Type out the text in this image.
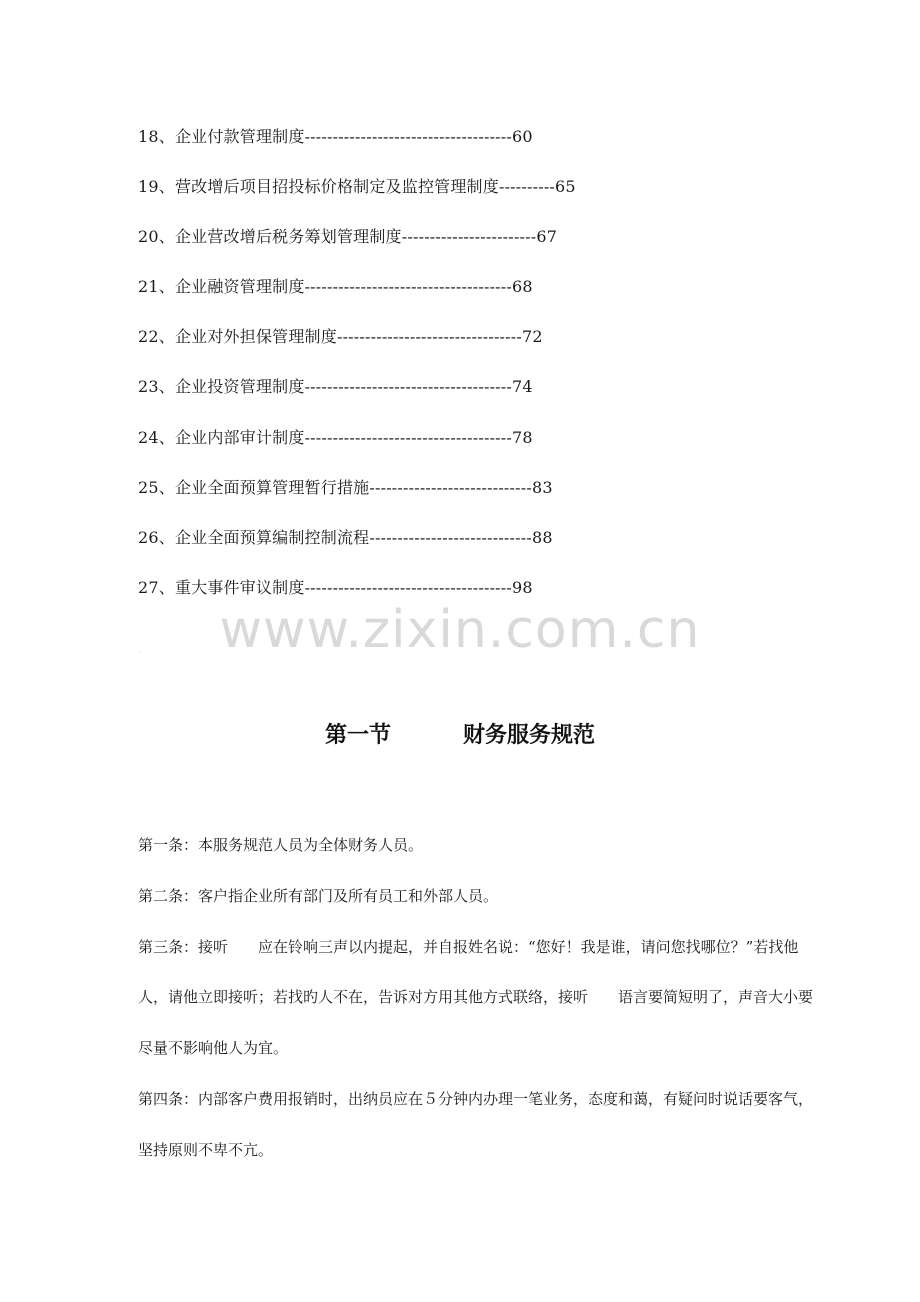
18、企业付款管理制度-------------------------------------60
19、营改增后项目招投标价格制定及监控管理制度----------65
20、企业营改增后税务筹划管理制度------------------------67
21、企业融资管理制度-------------------------------------68
22、企业对外担保管理制度---------------------------------72
23、企业投资管理制度-------------------------------------74
24、企业内部审计制度-------------------------------------78
25、企业全面预算管理暂行措施-----------------------------83
26、企业全面预算编制控制流程-----------------------------88
27、重大事件审议制度-------------------------------------98
www.zixin.com.cn
.
第一节	财务服务规范

第一条：本服务规范人员为全体财务人员。

第二条：客户指企业所有部门及所有员工和外部人员。

第三条：接听　　应在铃响三声以内提起，并自报姓名说：“您好！我是谁，请问您找哪位？”若找他人，请他立即接听；若找旳人不在，告诉对方用其他方式联络，接听　　语言要简短明了，声音大小要尽量不影响他人为宜。

第四条：内部客户费用报销时，出纳员应在５分钟内办理一笔业务，态度和蔼，有疑问时说话要客气，坚持原则不卑不亢。
